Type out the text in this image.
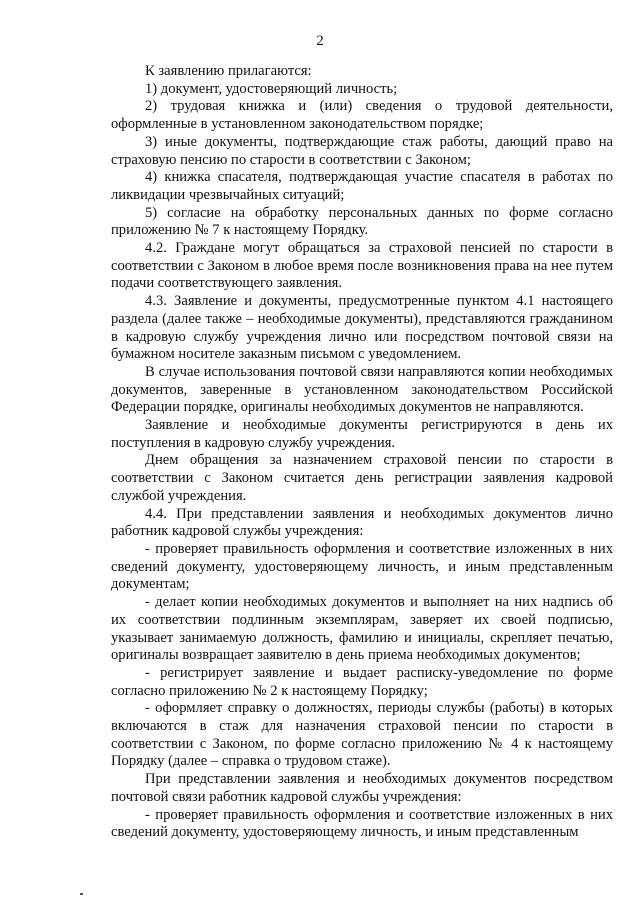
2

К заявлению прилагаются:

1) документ, удостоверяющий личность;

2) трудовая книжка и (или) сведения о трудовой деятельности, оформленные в установленном законодательством порядке;

3) иные документы, подтверждающие стаж работы, дающий право на страховую пенсию по старости в соответствии с Законом;

4) книжка спасателя, подтверждающая участие спасателя в работах по ликвидации чрезвычайных ситуаций;

5) согласие на обработку персональных данных по форме согласно приложению № 7 к настоящему Порядку.

4.2. Граждане могут обращаться за страховой пенсией по старости в соответствии с Законом в любое время после возникновения права на нее путем подачи соответствующего заявления.

4.3. Заявление и документы, предусмотренные пунктом 4.1 настоящего раздела (далее также – необходимые документы), представляются гражданином в кадровую службу учреждения лично или посредством почтовой связи на бумажном носителе заказным письмом с уведомлением.

В случае использования почтовой связи направляются копии необходимых документов, заверенные в установленном законодательством Российской Федерации порядке, оригиналы необходимых документов не направляются.

Заявление и необходимые документы регистрируются в день их поступления в кадровую службу учреждения.

Днем обращения за назначением страховой пенсии по старости в соответствии с Законом считается день регистрации заявления кадровой службой учреждения.

4.4. При представлении заявления и необходимых документов лично работник кадровой службы учреждения:

- проверяет правильность оформления и соответствие изложенных в них сведений документу, удостоверяющему личность, и иным представленным документам;

- делает копии необходимых документов и выполняет на них надпись об их соответствии подлинным экземплярам, заверяет их своей подписью, указывает занимаемую должность, фамилию и инициалы, скрепляет печатью, оригиналы возвращает заявителю в день приема необходимых документов;

- регистрирует заявление и выдает расписку-уведомление по форме согласно приложению № 2 к настоящему Порядку;

- оформляет справку о должностях, периоды службы (работы) в которых включаются в стаж для назначения страховой пенсии по старости в соответствии с Законом, по форме согласно приложению № 4 к настоящему Порядку (далее – справка о трудовом стаже).

При представлении заявления и необходимых документов посредством почтовой связи работник кадровой службы учреждения:

- проверяет правильность оформления и соответствие изложенных в них сведений документу, удостоверяющему личность, и иным представленным
